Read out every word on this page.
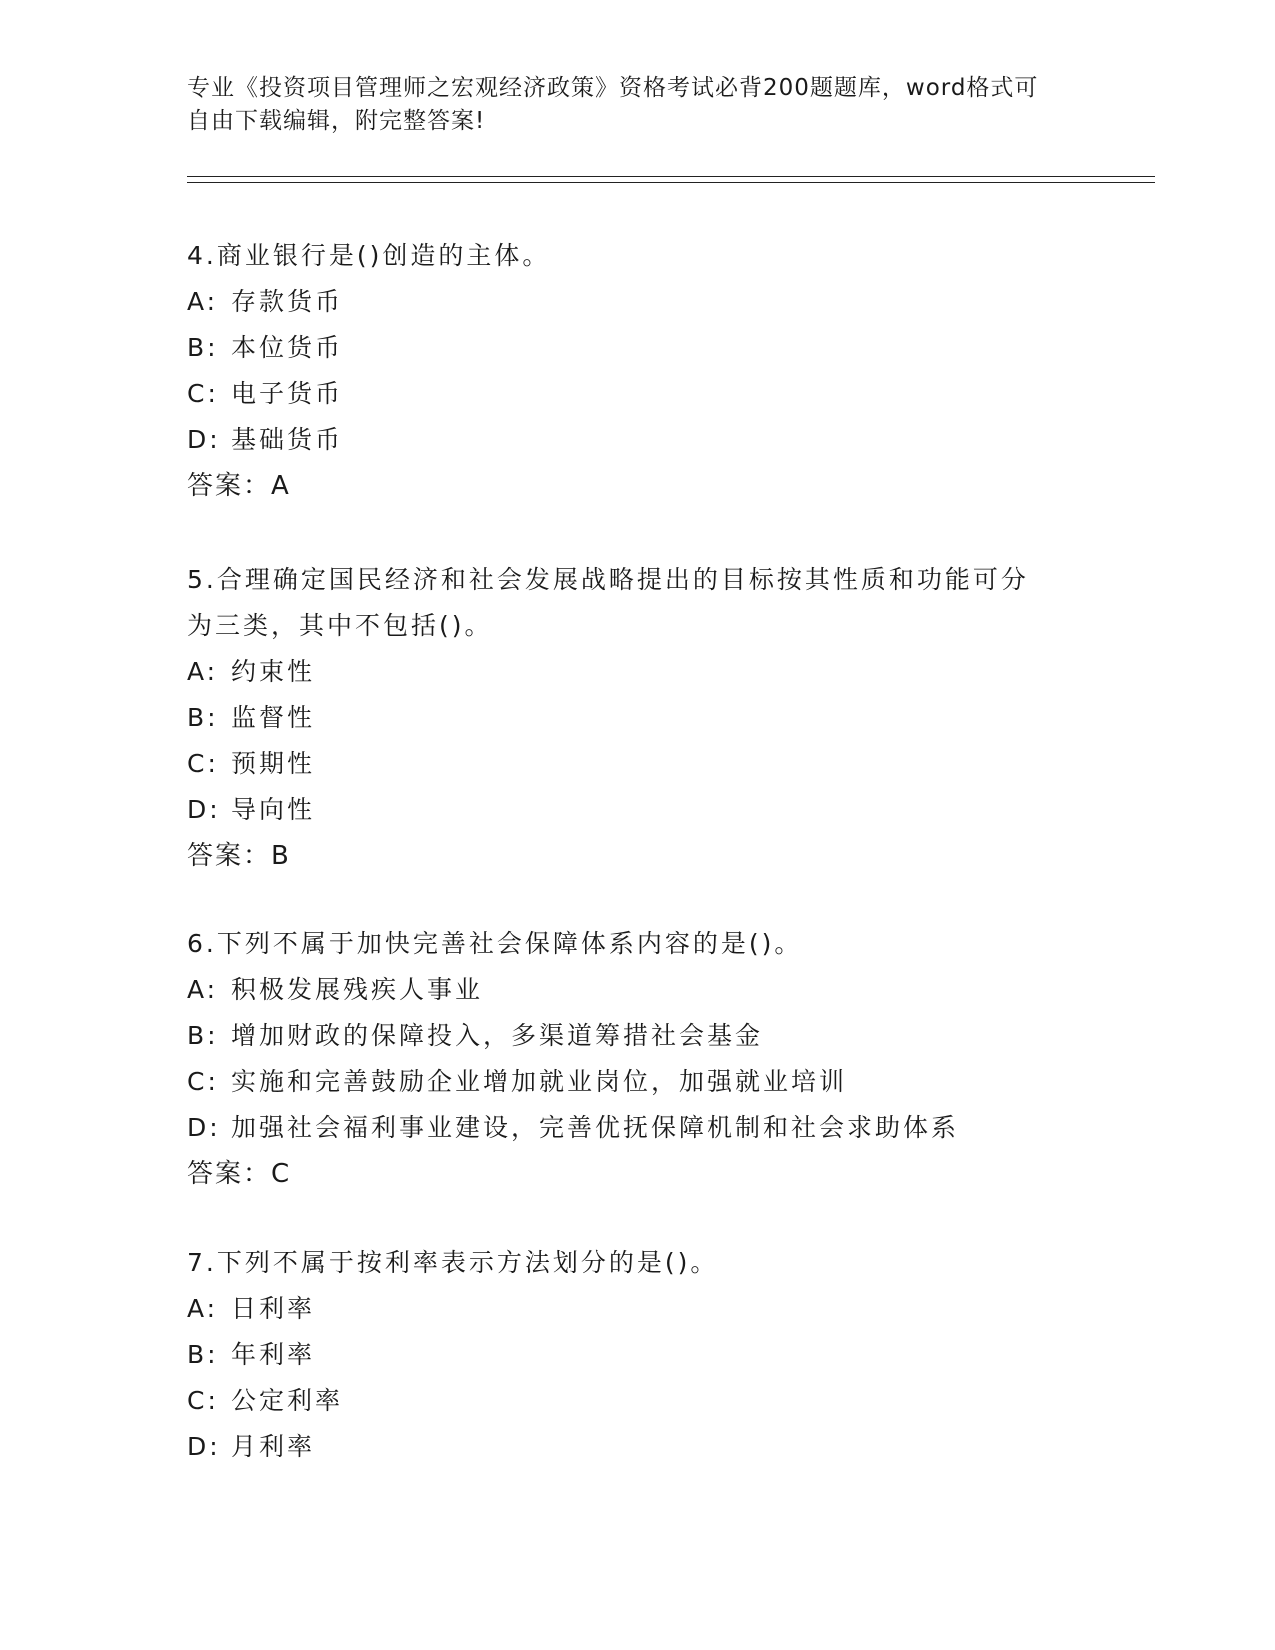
专业《投资项目管理师之宏观经济政策》资格考试必背200题题库，word格式可
自由下载编辑，附完整答案!
4.商业银行是()创造的主体。
A: 存款货币
B: 本位货币
C: 电子货币
D: 基础货币
答案：A
5.合理确定国民经济和社会发展战略提出的目标按其性质和功能可分
为三类，其中不包括()。
A: 约束性
B: 监督性
C: 预期性
D: 导向性
答案：B
6.下列不属于加快完善社会保障体系内容的是()。
A: 积极发展残疾人事业
B: 增加财政的保障投入，多渠道筹措社会基金
C: 实施和完善鼓励企业增加就业岗位，加强就业培训
D: 加强社会福利事业建设，完善优抚保障机制和社会求助体系
答案：C
7.下列不属于按利率表示方法划分的是()。
A: 日利率
B: 年利率
C: 公定利率
D: 月利率
